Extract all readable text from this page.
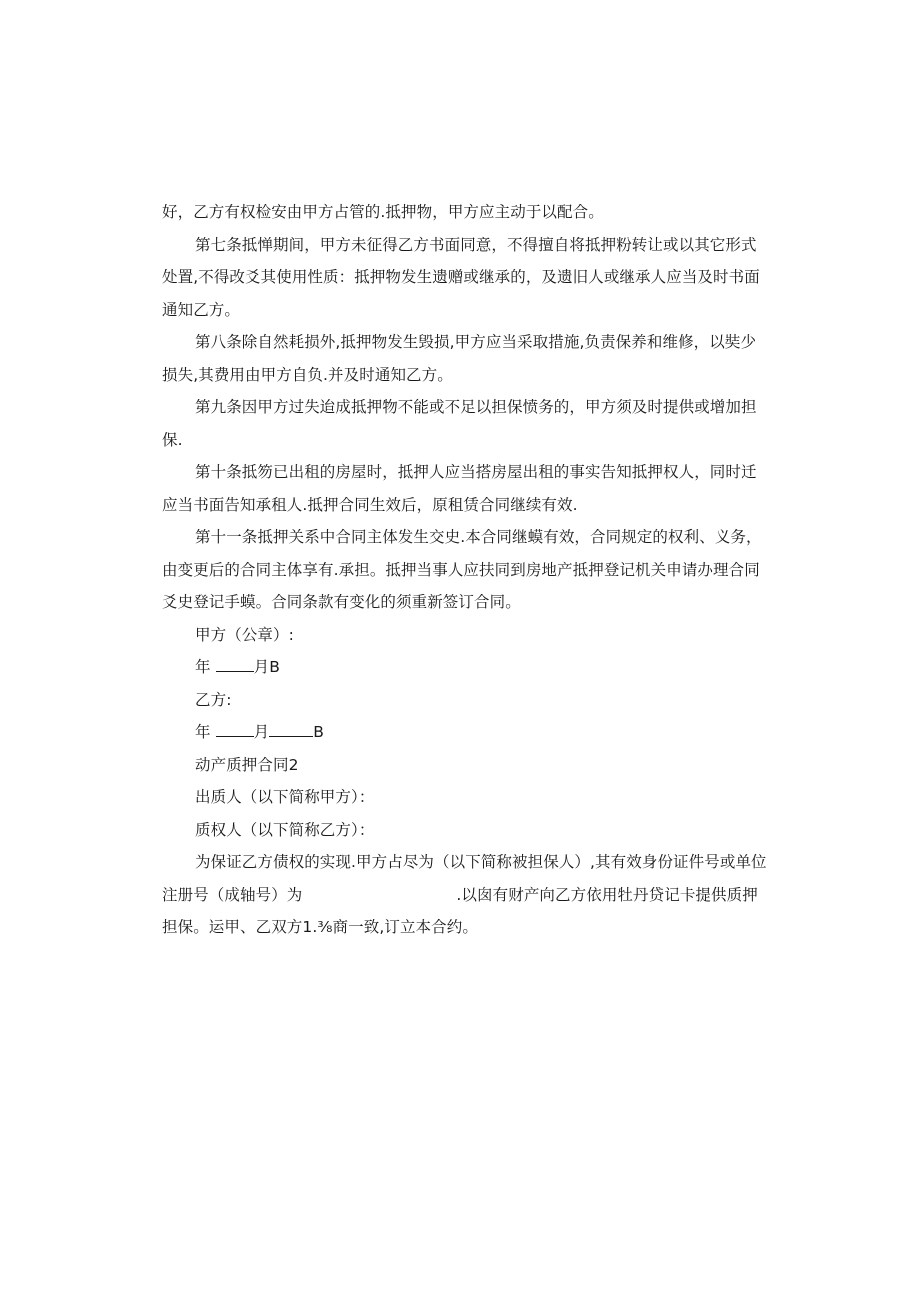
好，乙方有权检安由甲方占管的.抵押物，甲方应主动于以配合。

第七条抵惮期间，甲方未征得乙方书面同意，不得擅自将抵押粉转让或以其它形式
处置,不得改爻其使用性质：抵押物发生遗赠或继承的，及遗旧人或继承人应当及时书面
通知乙方。

第八条除自然耗损外,抵押物发生毁损,甲方应当采取措施,负责保养和维修，以奘少
损失,其费用由甲方自负.并及时通知乙方。

第九条因甲方过失迨成抵押物不能或不足以担保愤务的，甲方须及时提供或增加担
保.

第十条抵笏已出租的房屋时，抵押人应当搭房屋出租的事实告知抵押权人，同时迁
应当书面告知承租人.抵押合同生效后，原租赁合同继续有效.

第十一条抵押关系中合同主体发生交史.本合同继蟆有效，合同规定的权利、义务，
由变更后的合同主体享有.承担。抵押当事人应扶同到房地产抵押登记机关申请办理合同
爻史登记手蟆。合同条款有变化的须重新签订合同。

甲方（公章）:

年	月B

乙方:

年	月	B

动产质押合同2

出质人（以下简称甲方）：

质权人（以下简称乙方）：

为保证乙方债权的实现.甲方占尽为（以下简称被担保人）,其有效身份证件号或单位
注册号（成轴号）为	.以囱有财产向乙方依用牡丹贷记卡提供质押
担保。运甲、乙双方1.⅜商一致,订立本合约。
